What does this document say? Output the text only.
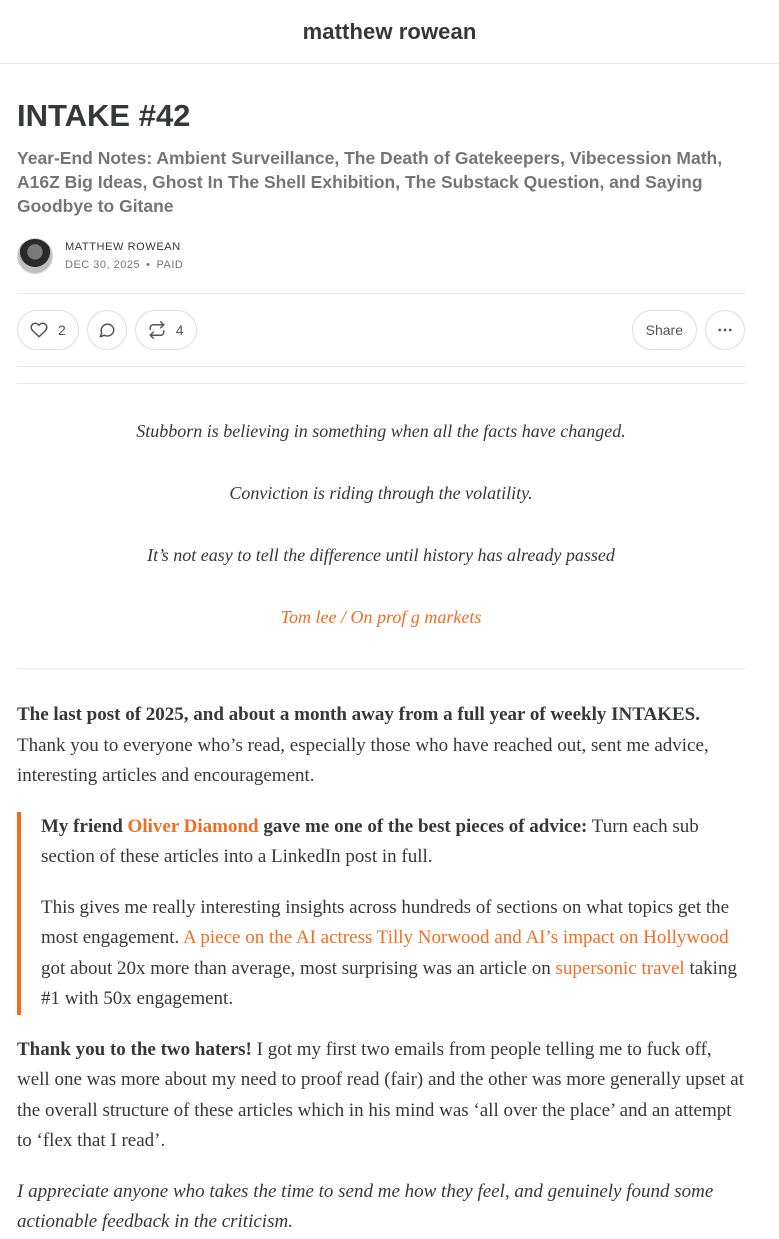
matthew rowean
INTAKE #42
Year-End Notes: Ambient Surveillance, The Death of Gatekeepers, Vibecession Math, A16Z Big Ideas, Ghost In The Shell Exhibition, The Substack Question, and Saying Goodbye to Gitane
MATTHEW ROWEAN
DEC 30, 2025 • PAID
2	4	Share

Stubborn is believing in something when all the facts have changed.

Conviction is riding through the volatility.

It’s not easy to tell the difference until history has already passed

Tom lee / On prof g markets

The last post of 2025, and about a month away from a full year of weekly INTAKES. Thank you to everyone who’s read, especially those who have reached out, sent me advice, interesting articles and encouragement.

My friend Oliver Diamond gave me one of the best pieces of advice: Turn each sub section of these articles into a LinkedIn post in full.

This gives me really interesting insights across hundreds of sections on what topics get the most engagement. A piece on the AI actress Tilly Norwood and AI’s impact on Hollywood got about 20x more than average, most surprising was an article on supersonic travel taking #1 with 50x engagement.

Thank you to the two haters! I got my first two emails from people telling me to fuck off, well one was more about my need to proof read (fair) and the other was more generally upset at the overall structure of these articles which in his mind was ‘all over the place’ and an attempt to ‘flex that I read’.

I appreciate anyone who takes the time to send me how they feel, and genuinely found some actionable feedback in the criticism.
